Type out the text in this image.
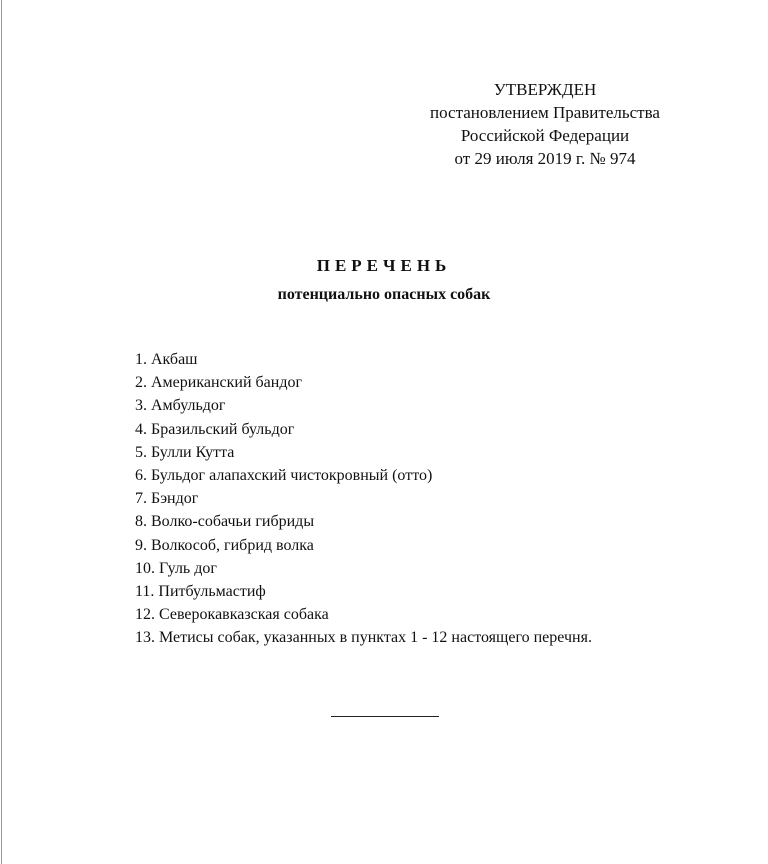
УТВЕРЖДЕН
постановлением Правительства
Российской Федерации
от 29 июля 2019 г. № 974
ПЕРЕЧЕНЬ
потенциально опасных собак
1. Акбаш
2. Американский бандог
3. Амбульдог
4. Бразильский бульдог
5. Булли Кутта
6. Бульдог алапахский чистокровный (отто)
7. Бэндог
8. Волко-собачьи гибриды
9. Волкособ, гибрид волка
10. Гуль дог
11. Питбульмастиф
12. Северокавказская собака
13. Метисы собак, указанных в пунктах 1 - 12 настоящего перечня.
